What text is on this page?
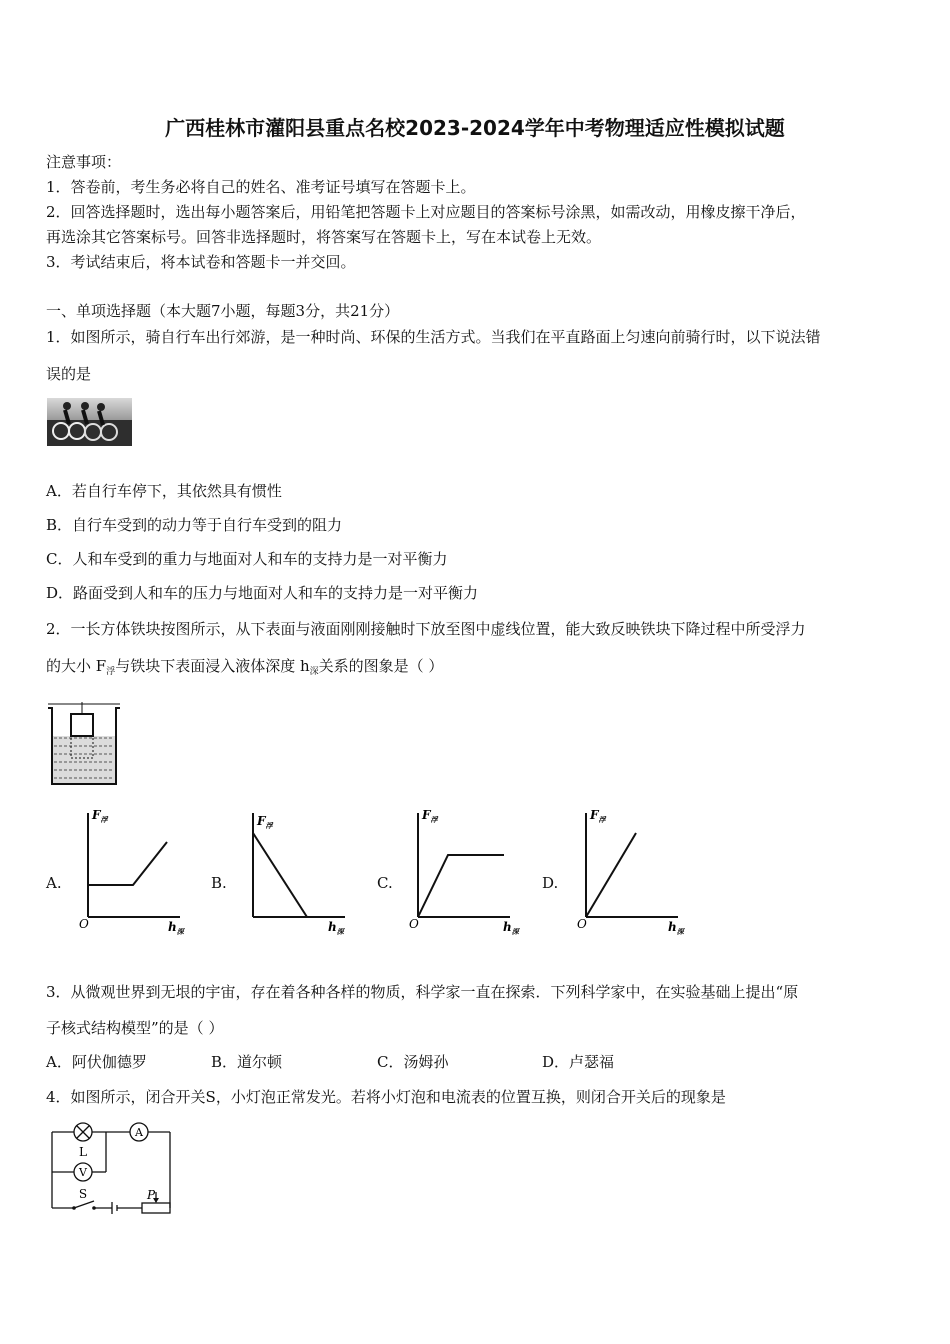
广西桂林市灌阳县重点名校2023-2024学年中考物理适应性模拟试题
注意事项：
1．答卷前，考生务必将自己的姓名、准考证号填写在答题卡上。
2．回答选择题时，选出每小题答案后，用铅笔把答题卡上对应题目的答案标号涂黑，如需改动，用橡皮擦干净后，
再选涂其它答案标号。回答非选择题时，将答案写在答题卡上，写在本试卷上无效。
3．考试结束后，将本试卷和答题卡一并交回。
一、单项选择题（本大题7小题，每题3分，共21分）
1．如图所示，骑自行车出行郊游，是一种时尚、环保的生活方式。当我们在平直路面上匀速向前骑行时，以下说法错
误的是
A．若自行车停下，其依然具有惯性
B．自行车受到的动力等于自行车受到的阻力
C．人和车受到的重力与地面对人和车的支持力是一对平衡力
D．路面受到人和车的压力与地面对人和车的支持力是一对平衡力
2．一长方体铁块按图所示，从下表面与液面刚刚接触时下放至图中虚线位置，能大致反映铁块下降过程中所受浮力
的大小 $F_浮$与铁块下表面浸入液体深度 $h_深$关系的图象是（ ）
A.
$F_浮$
O	$h_深$
B.
$F_浮$
$h_深$
C.
$F_浮$
O	$h_深$
D.
$F_浮$
O	$h_深$
3．从微观世界到无垠的宇宙，存在着各种各样的物质，科学家一直在探索．下列科学家中，在实验基础上提出“原
子核式结构模型”的是（ ）
A．阿伏伽德罗	B．道尔顿	C．汤姆孙	D．卢瑟福
4．如图所示，闭合开关S，小灯泡正常发光。若将小灯泡和电流表的位置互换，则闭合开关后的现象是
A
V
L
S	P
